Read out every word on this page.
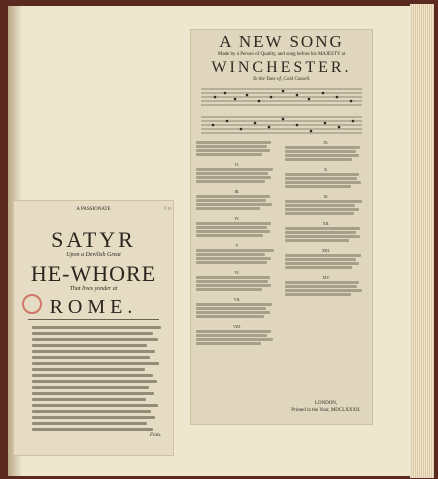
A NEW SONG
Made by a Person of Quality, and sung before his MAJESTY at
WINCHESTER.
To the Tune of, Cold Cassell.
II.
III.
IV.
V.
VI.
VII.
VIII.
IX.
X.
XI.
XII.
XIII.
XIV.
LONDON,
Printed in the Year, MDCLXXXII.
6 to
A PASSIONATE
SATYR
Upon a Devilish Great
HE-WHORE
That lives yonder at
ROME.
Finis.
